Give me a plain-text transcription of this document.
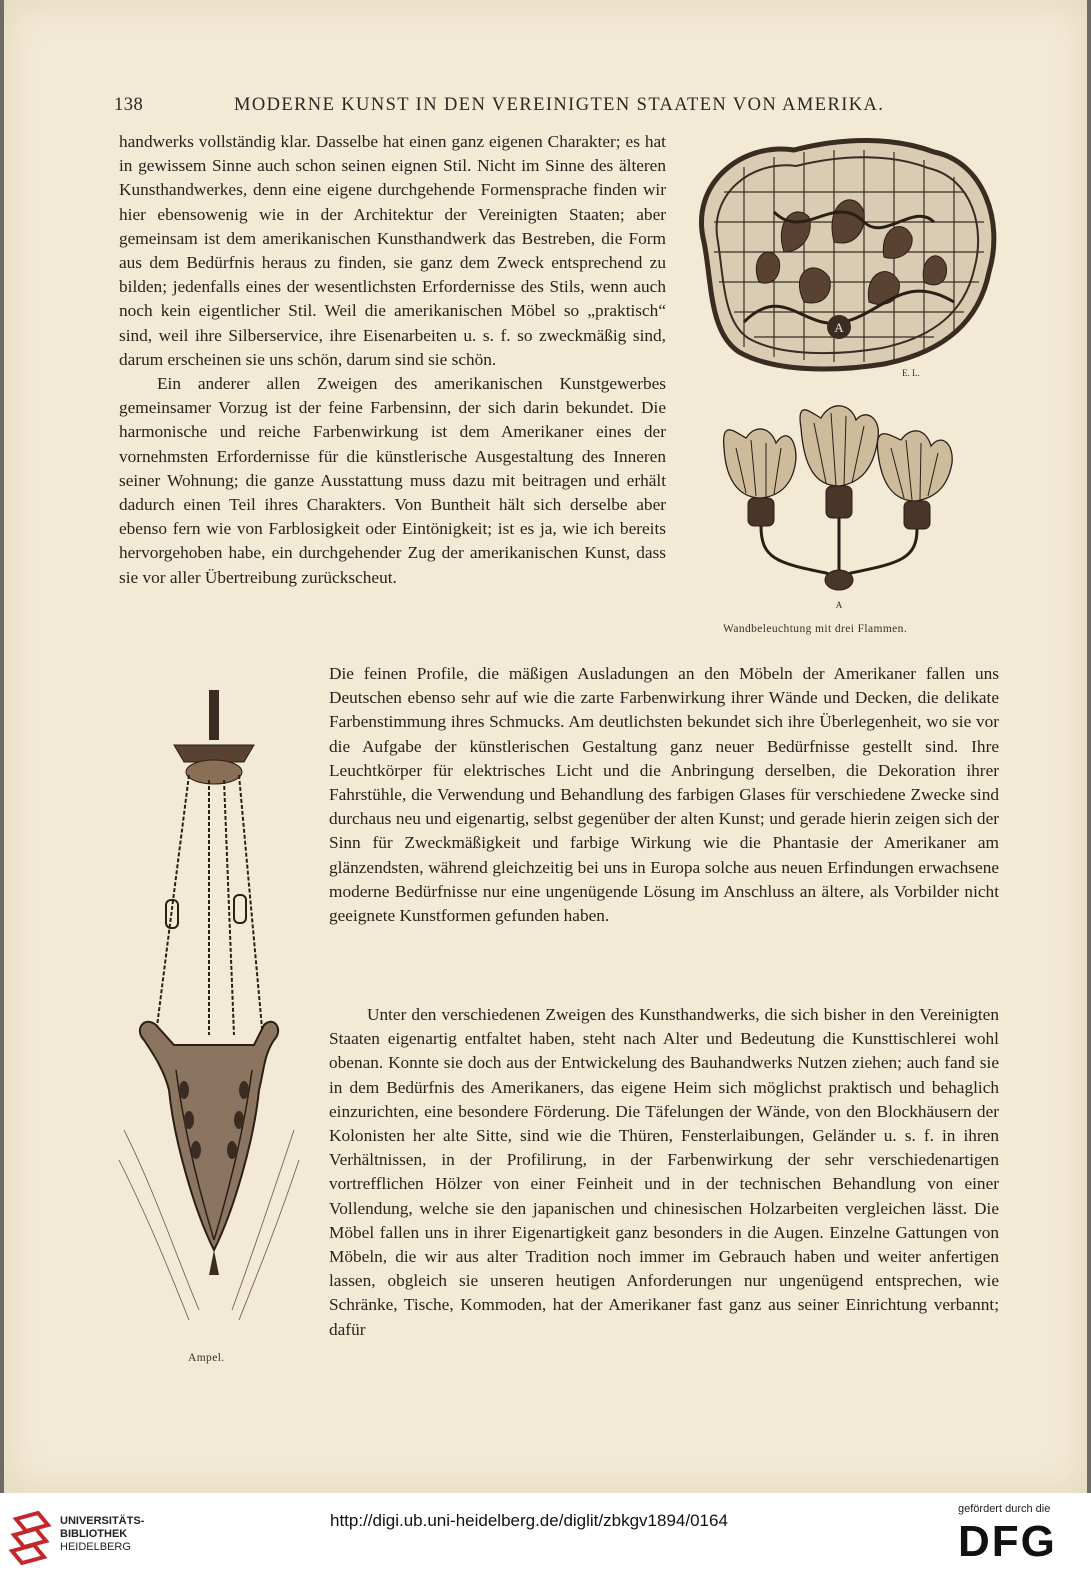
138	MODERNE KUNST IN DEN VEREINIGTEN STAATEN VON AMERIKA.

handwerks vollständig klar. Dasselbe hat einen ganz eigenen Charakter; es hat in gewissem Sinne auch schon seinen eignen Stil. Nicht im Sinne des älteren Kunsthandwerkes, denn eine eigene durchgehende Formensprache finden wir hier ebensowenig wie in der Architektur der Vereinigten Staaten; aber gemeinsam ist dem amerikanischen Kunsthandwerk das Bestreben, die Form aus dem Bedürfnis heraus zu finden, sie ganz dem Zweck entsprechend zu bilden; jedenfalls eines der wesentlichsten Erfordernisse des Stils, wenn auch noch kein eigentlicher Stil. Weil die amerikanischen Möbel so „praktisch“ sind, weil ihre Silberservice, ihre Eisenarbeiten u. s. f. so zweckmäßig sind, darum erscheinen sie uns schön, darum sind sie schön.

Ein anderer allen Zweigen des amerikanischen Kunstgewerbes gemeinsamer Vorzug ist der feine Farbensinn, der sich darin bekundet. Die harmonische und reiche Farbenwirkung ist dem Amerikaner eines der vornehmsten Erfordernisse für die künstlerische Ausgestaltung des Inneren seiner Wohnung; die ganze Ausstattung muss dazu mit beitragen und erhält dadurch einen Teil ihres Charakters. Von Buntheit hält sich derselbe aber ebenso fern wie von Farblosigkeit oder Eintönigkeit; ist es ja, wie ich bereits hervorgehoben habe, ein durchgehender Zug der amerikanischen Kunst, dass sie vor aller Übertreibung zurückscheut.

Die feinen Profile, die mäßigen Ausladungen an den Möbeln der Amerikaner fallen uns Deutschen ebenso sehr auf wie die zarte Farbenwirkung ihrer Wände und Decken, die delikate Farbenstimmung ihres Schmucks. Am deutlichsten bekundet sich ihre Überlegenheit, wo sie vor die Aufgabe der künstlerischen Gestaltung ganz neuer Bedürfnisse gestellt sind. Ihre Leuchtkörper für elektrisches Licht und die Anbringung derselben, die Dekoration ihrer Fahrstühle, die Verwendung und Behandlung des farbigen Glases für verschiedene Zwecke sind durchaus neu und eigenartig, selbst gegenüber der alten Kunst; und gerade hierin zeigen sich der Sinn für Zweckmäßigkeit und farbige Wirkung wie die Phantasie der Amerikaner am glänzendsten, während gleichzeitig bei uns in Europa solche aus neuen Erfindungen erwachsene moderne Bedürfnisse nur eine ungenügende Lösung im Anschluss an ältere, als Vorbilder nicht geeignete Kunstformen gefunden haben.

Unter den verschiedenen Zweigen des Kunsthandwerks, die sich bisher in den Vereinigten Staaten eigenartig entfaltet haben, steht nach Alter und Bedeutung die Kunsttischlerei wohl obenan. Konnte sie doch aus der Entwickelung des Bauhandwerks Nutzen ziehen; auch fand sie in dem Bedürfnis des Amerikaners, das eigene Heim sich möglichst praktisch und behaglich einzurichten, eine besondere Förderung. Die Täfelungen der Wände, von den Blockhäusern der Kolonisten her alte Sitte, sind wie die Thüren, Fensterlaibungen, Geländer u. s. f. in ihren Verhältnissen, in der Profilirung, in der Farbenwirkung der sehr verschiedenartigen vortrefflichen Hölzer von einer Feinheit und in der technischen Behandlung von einer Vollendung, welche sie den japanischen und chinesischen Holzarbeiten vergleichen lässt. Die Möbel fallen uns in ihrer Eigenartigkeit ganz besonders in die Augen. Einzelne Gattungen von Möbeln, die wir aus alter Tradition noch immer im Gebrauch haben und weiter anfertigen lassen, obgleich sie unseren heutigen Anforderungen nur ungenügend entsprechen, wie Schränke, Tische, Kommoden, hat der Amerikaner fast ganz aus seiner Einrichtung verbannt; dafür

A
E. L.
A
Wandbeleuchtung mit drei Flammen.
Ampel.
UNIVERSITÄTS-
BIBLIOTHEK
HEIDELBERG
http://digi.ub.uni-heidelberg.de/diglit/zbkgv1894/0164
gefördert durch die
DFG
